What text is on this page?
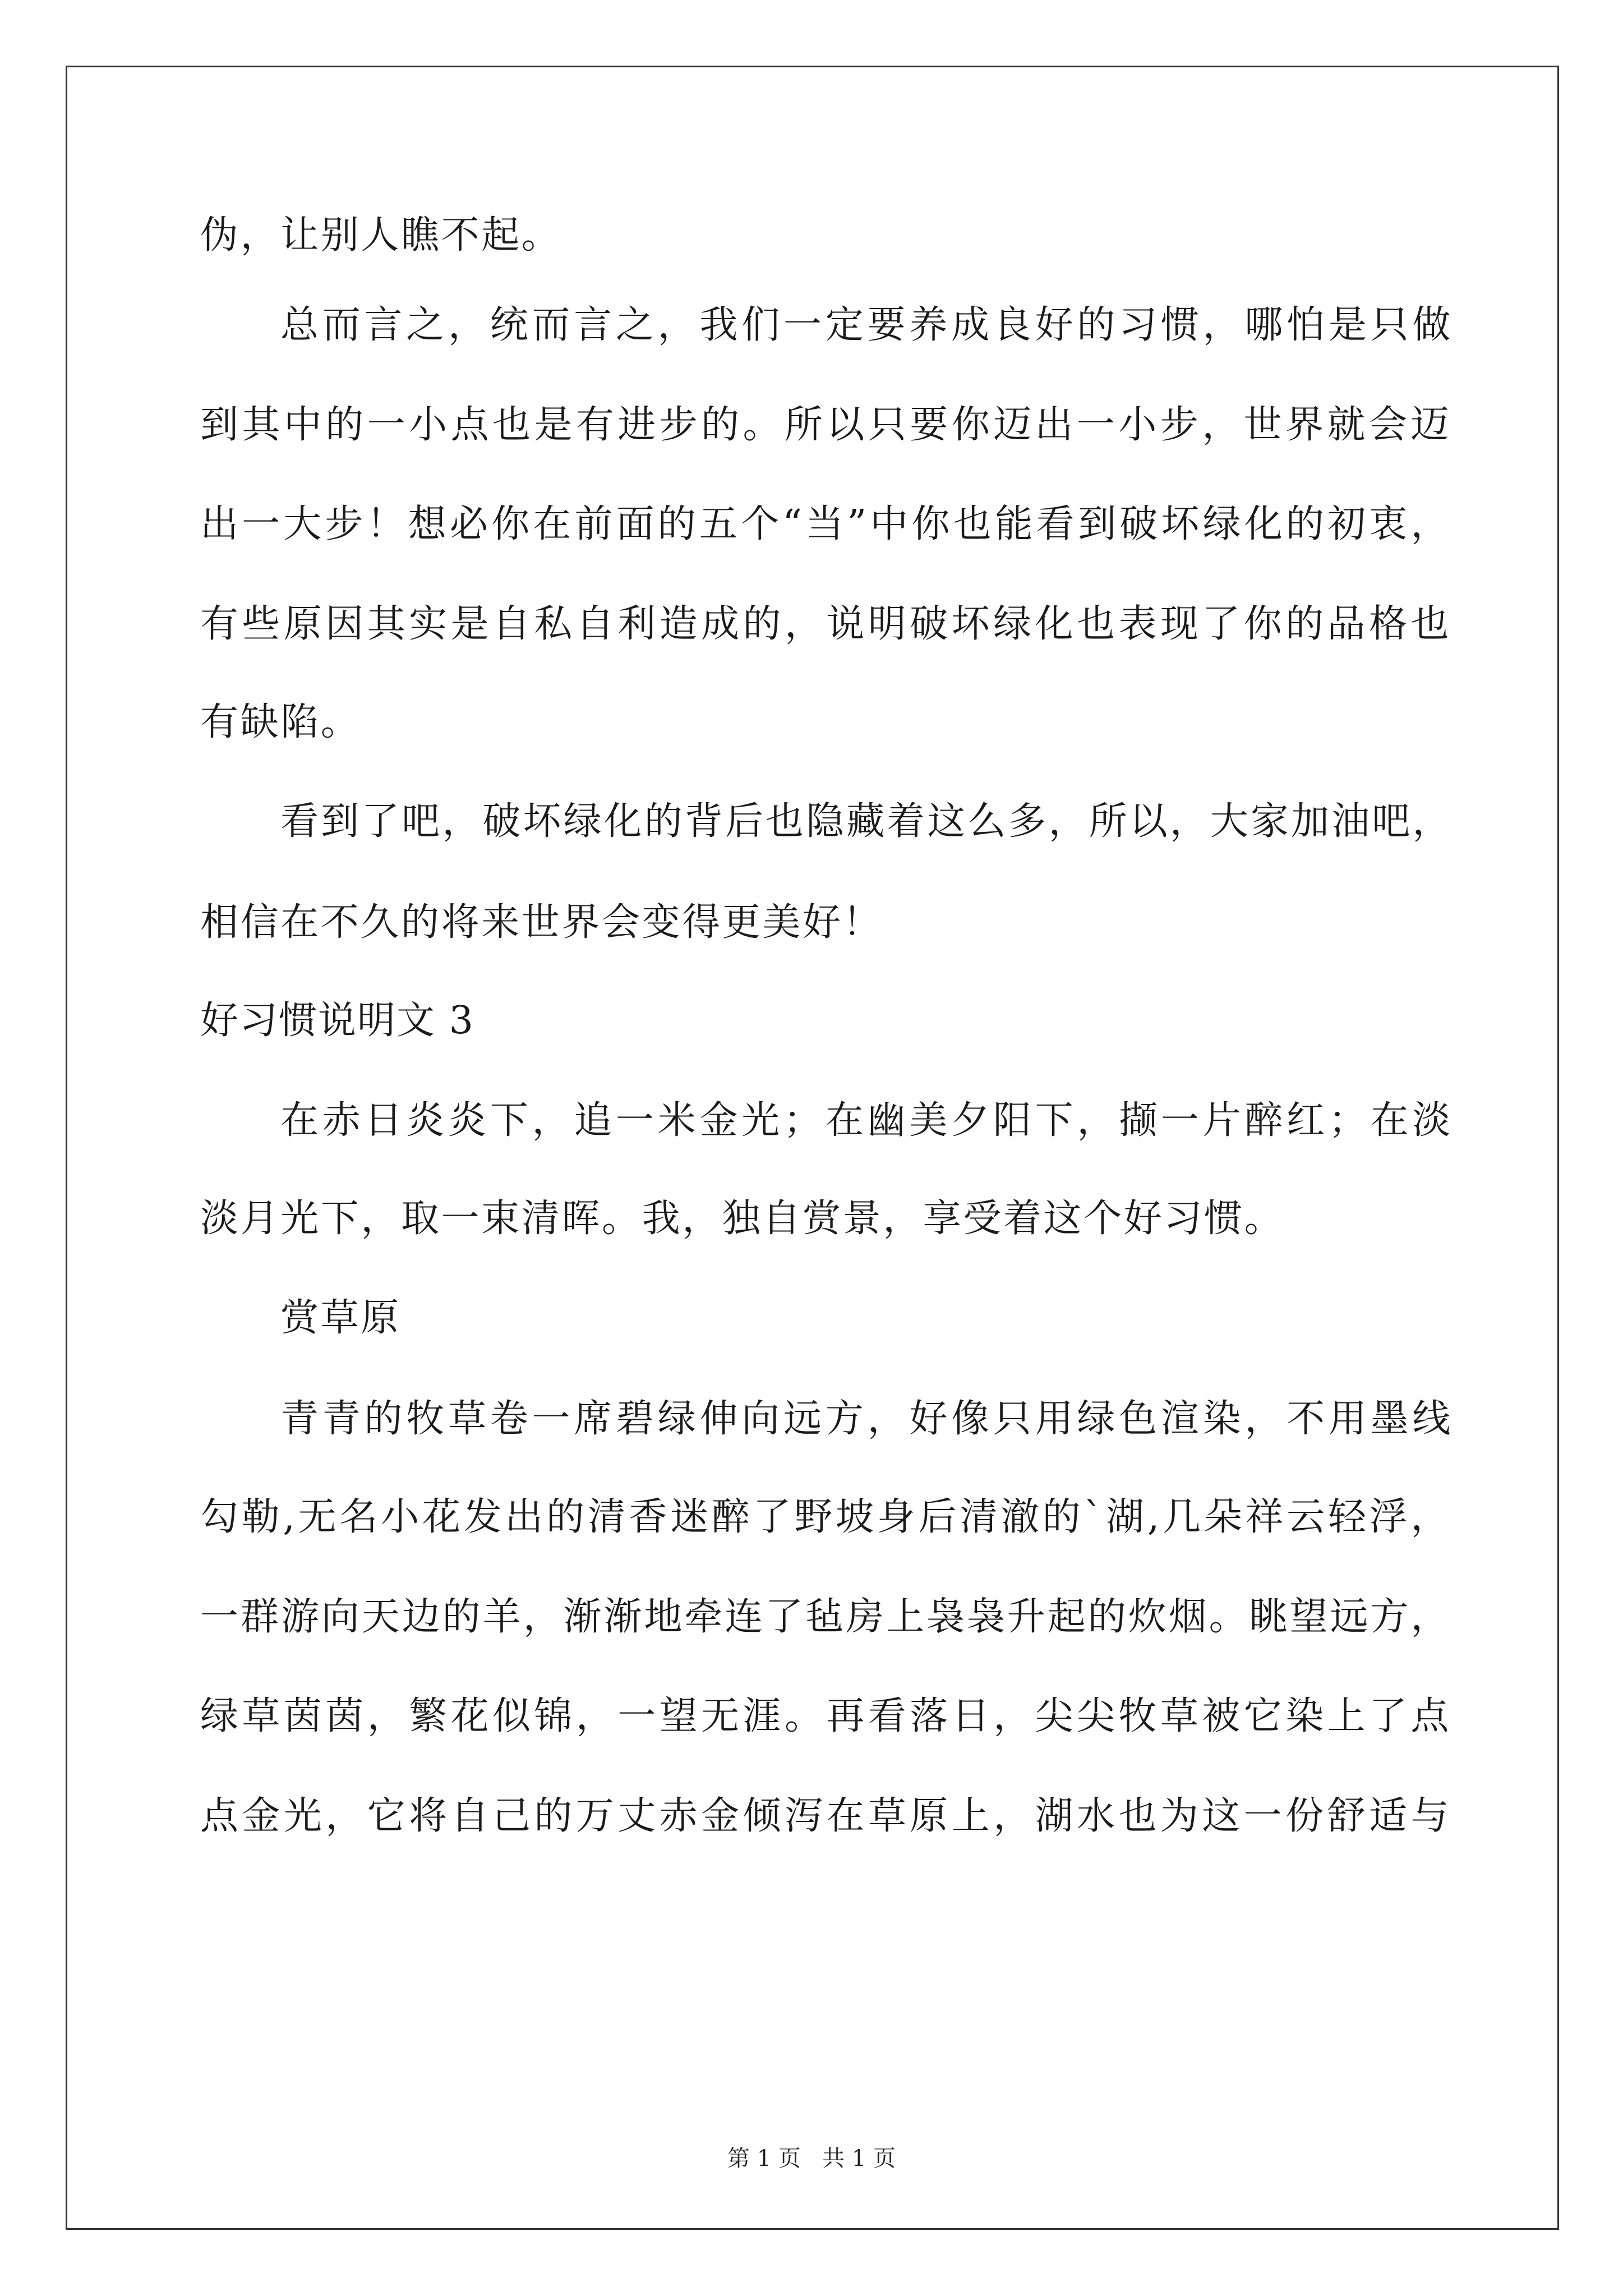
伪，让别人瞧不起。

总而言之，统而言之，我们一定要养成良好的习惯，哪怕是只做

到其中的一小点也是有进步的。所以只要你迈出一小步，世界就会迈

出一大步！想必你在前面的五个“当”中你也能看到破坏绿化的初衷，

有些原因其实是自私自利造成的，说明破坏绿化也表现了你的品格也

有缺陷。

看到了吧，破坏绿化的背后也隐藏着这么多，所以，大家加油吧，

相信在不久的将来世界会变得更美好！

好习惯说明文 3

在赤日炎炎下，追一米金光；在幽美夕阳下，撷一片醉红；在淡

淡月光下，取一束清晖。我，独自赏景，享受着这个好习惯。

赏草原

青青的牧草卷一席碧绿伸向远方，好像只用绿色渲染，不用墨线

勾勒,无名小花发出的清香迷醉了野坡身后清澈的`湖,几朵祥云轻浮，

一群游向天边的羊，渐渐地牵连了毡房上袅袅升起的炊烟。眺望远方，

绿草茵茵，繁花似锦，一望无涯。再看落日，尖尖牧草被它染上了点

点金光，它将自己的万丈赤金倾泻在草原上，湖水也为这一份舒适与

第 1 页   共 1 页
